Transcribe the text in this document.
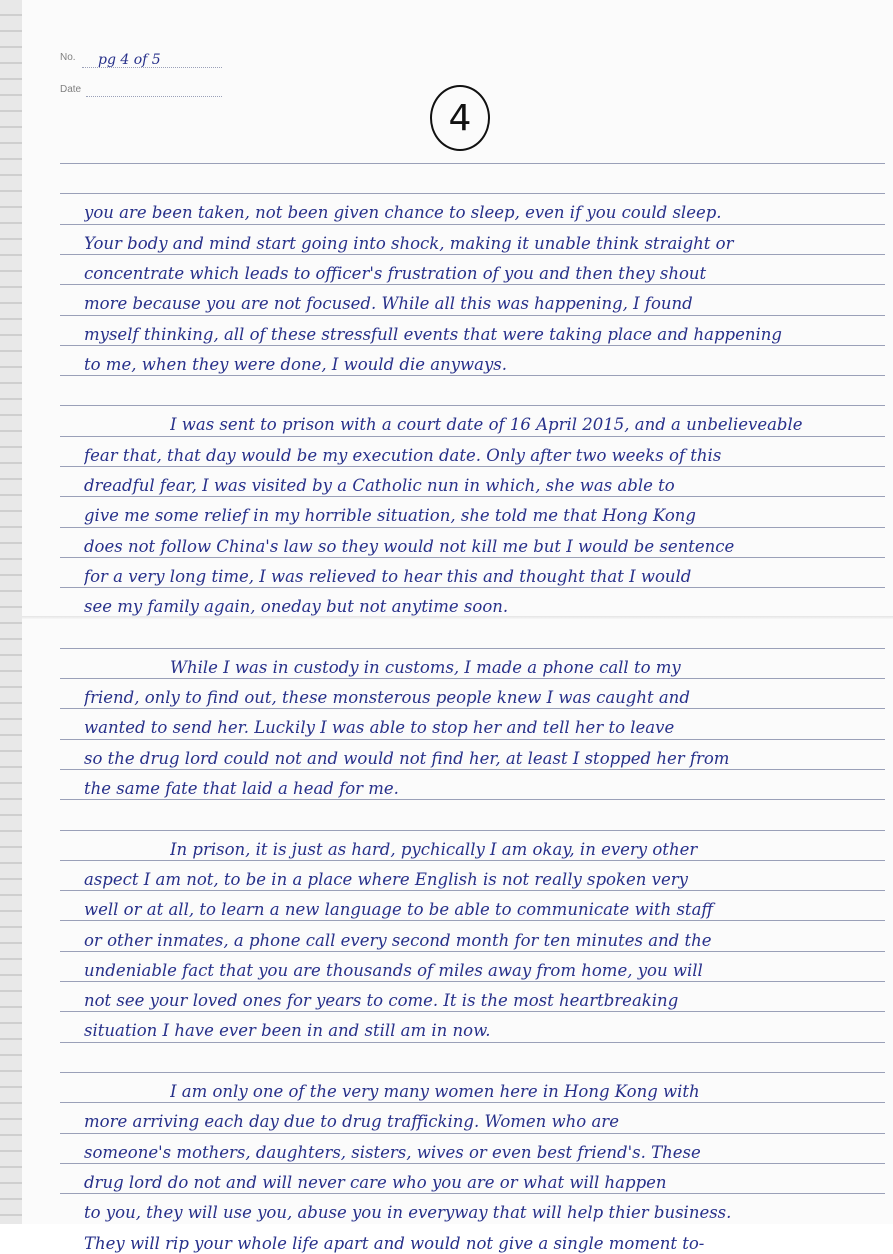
No.
Date
pg 4 of 5
4
you are been taken, not been given chance to sleep, even if you could sleep.
Your body and mind start going into shock, making it unable think straight or
concentrate which leads to officer's frustration of you and then they shout
more because you are not focused. While all this was happening, I found
myself thinking, all of these stressfull events that were taking place and happening
to me, when they were done, I would die anyways.
I was sent to prison with a court date of 16 April 2015, and a unbelieveable
fear that, that day would be my execution date. Only after two weeks of this
dreadful fear, I was visited by a Catholic nun in which, she was able to
give me some relief in my horrible situation, she told me that Hong Kong
does not follow China's law so they would not kill me but I would be sentence
for a very long time, I was relieved to hear this and thought that I would
see my family again, oneday but not anytime soon.
While I was in custody in customs, I made a phone call to my
friend, only to find out, these monsterous people knew I was caught and
wanted to send her. Luckily I was able to stop her and tell her to leave
so the drug lord could not and would not find her, at least I stopped her from
the same fate that laid a head for me.
In prison, it is just as hard, pychically I am okay, in every other
aspect I am not, to be in a place where English is not really spoken very
well or at all, to learn a new language to be able to communicate with staff
or other inmates, a phone call every second month for ten minutes and the
undeniable fact that you are thousands of miles away from home, you will
not see your loved ones for years to come. It is the most heartbreaking
situation I have ever been in and still am in now.
I am only one of the very many women here in Hong Kong with
more arriving each day due to drug trafficking. Women who are
someone's mothers, daughters, sisters, wives or even best friend's. These
drug lord do not and will never care who you are or what will happen
to you, they will use you, abuse you in everyway that will help thier business.
They will rip your whole life apart and would not give a single moment to-
